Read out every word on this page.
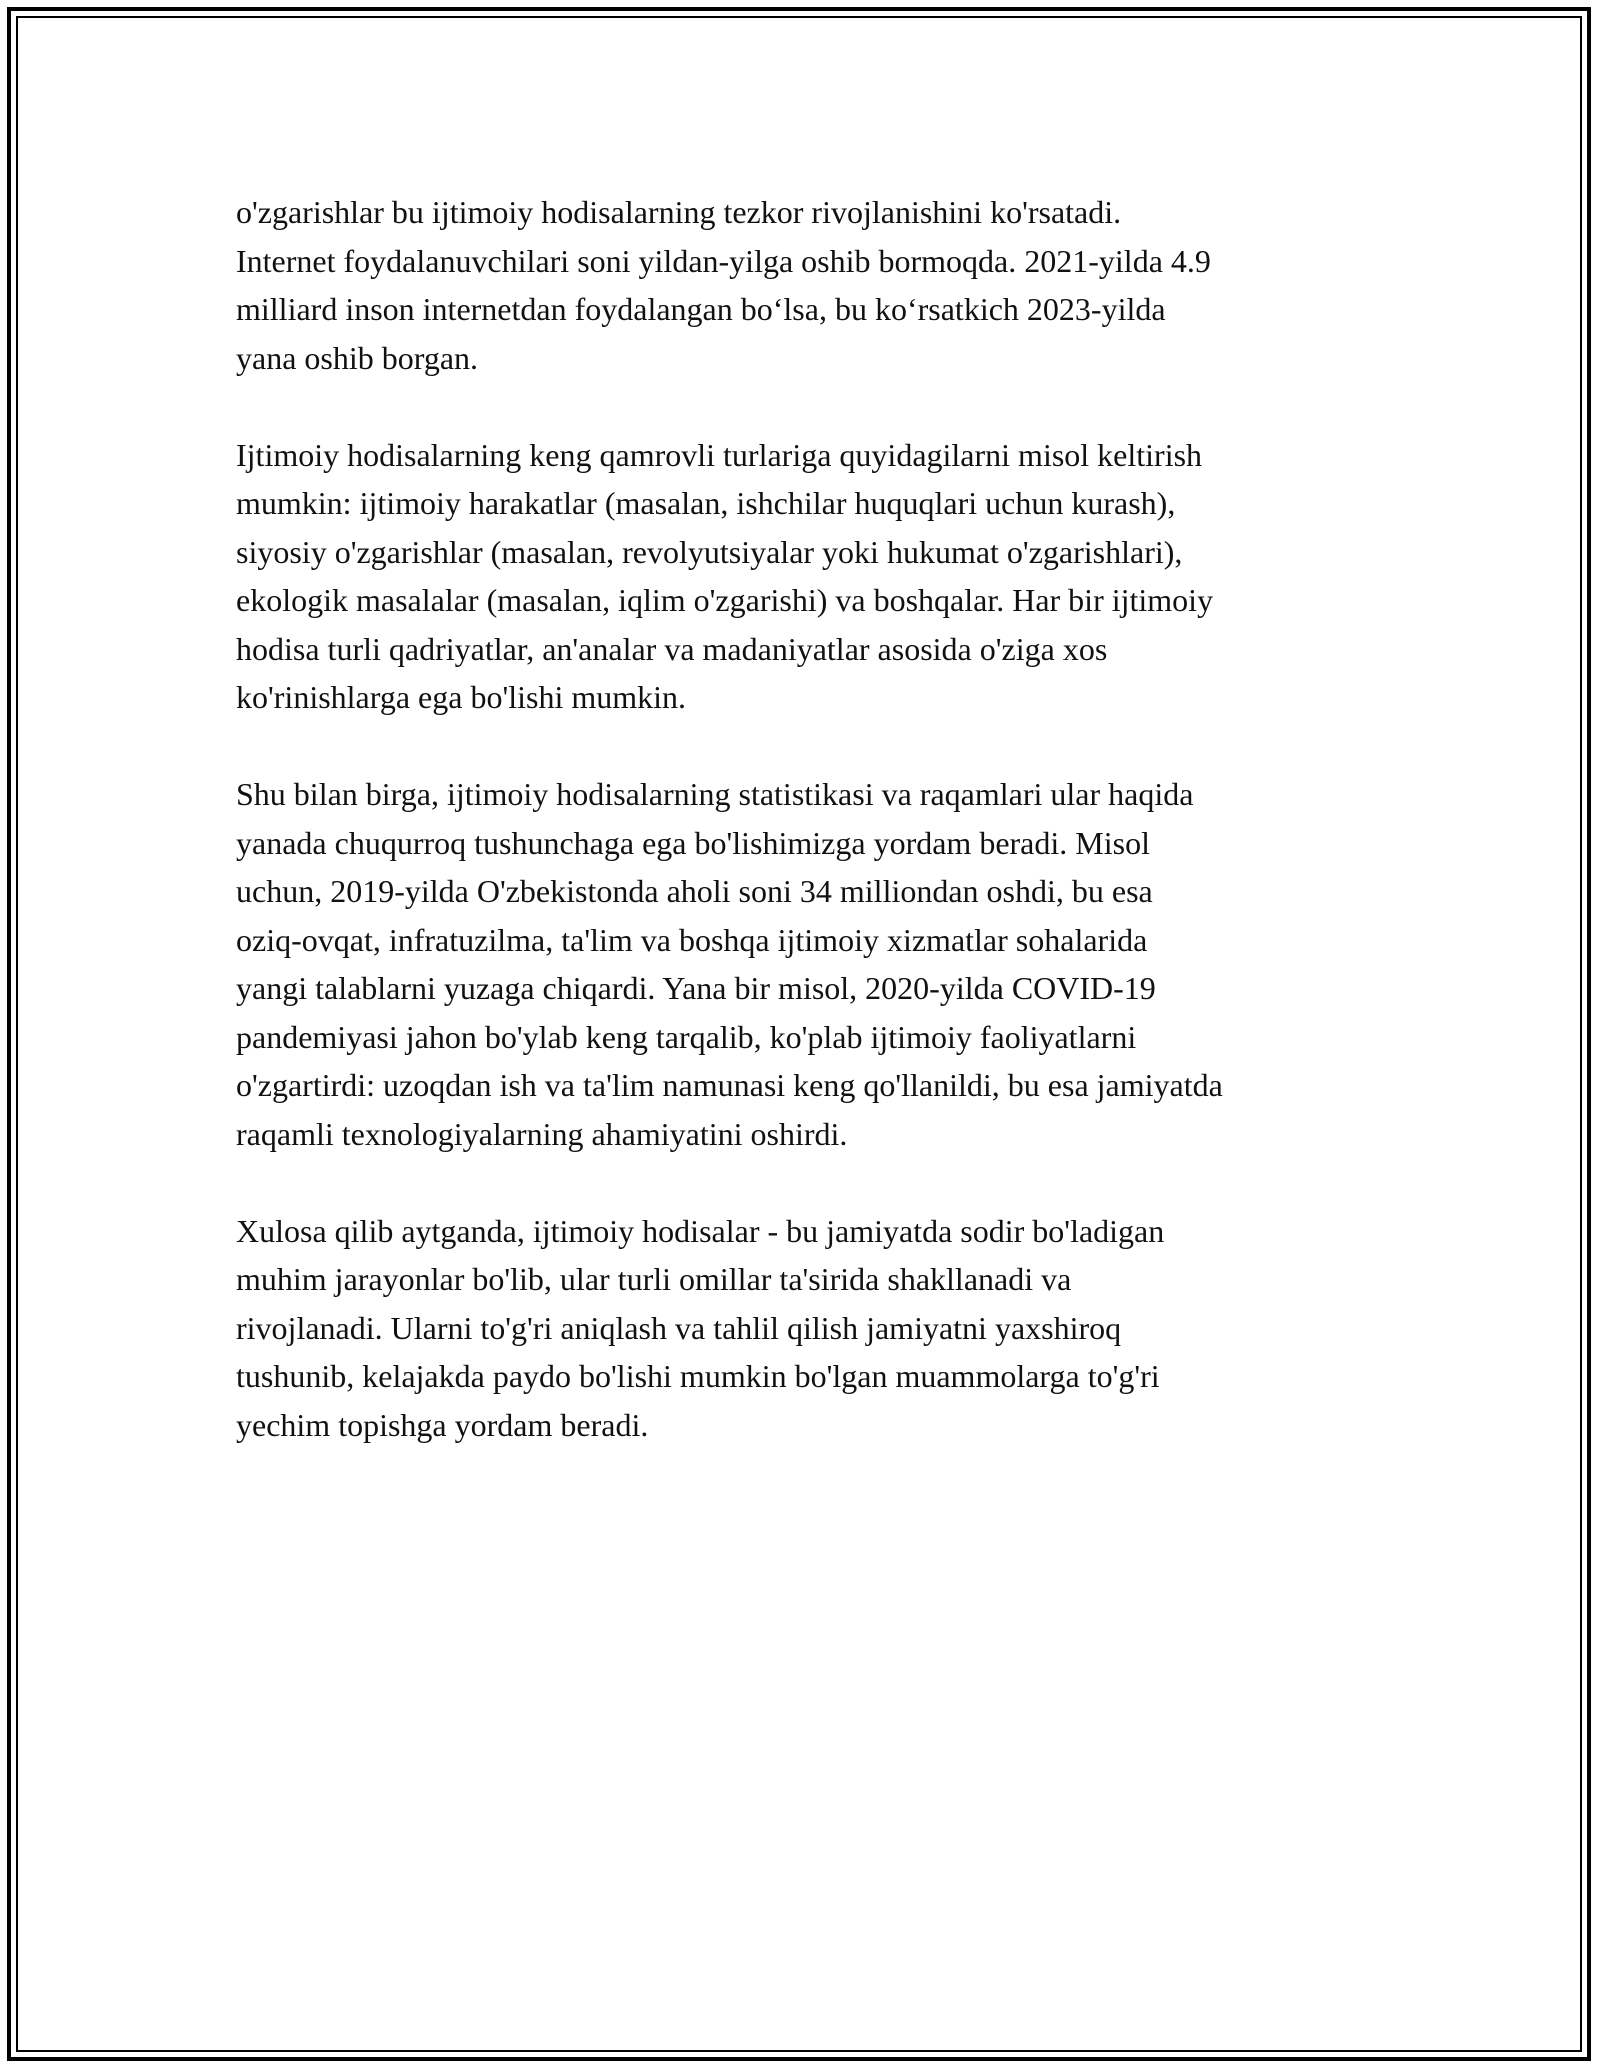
o'zgarishlar bu ijtimoiy hodisalarning tezkor rivojlanishini ko'rsatadi.
Internet foydalanuvchilari soni yildan-yilga oshib bormoqda. 2021-yilda 4.9
milliard inson internetdan foydalangan boʻlsa, bu koʻrsatkich 2023-yilda
yana oshib borgan.

Ijtimoiy hodisalarning keng qamrovli turlariga quyidagilarni misol keltirish
mumkin: ijtimoiy harakatlar (masalan, ishchilar huquqlari uchun kurash),
siyosiy o'zgarishlar (masalan, revolyutsiyalar yoki hukumat o'zgarishlari),
ekologik masalalar (masalan, iqlim o'zgarishi) va boshqalar. Har bir ijtimoiy
hodisa turli qadriyatlar, an'analar va madaniyatlar asosida o'ziga xos
ko'rinishlarga ega bo'lishi mumkin.

Shu bilan birga, ijtimoiy hodisalarning statistikasi va raqamlari ular haqida
yanada chuqurroq tushunchaga ega bo'lishimizga yordam beradi. Misol
uchun, 2019-yilda O'zbekistonda aholi soni 34 milliondan oshdi, bu esa
oziq-ovqat, infratuzilma, ta'lim va boshqa ijtimoiy xizmatlar sohalarida
yangi talablarni yuzaga chiqardi. Yana bir misol, 2020-yilda COVID-19
pandemiyasi jahon bo'ylab keng tarqalib, ko'plab ijtimoiy faoliyatlarni
o'zgartirdi: uzoqdan ish va ta'lim namunasi keng qo'llanildi, bu esa jamiyatda
raqamli texnologiyalarning ahamiyatini oshirdi.

Xulosa qilib aytganda, ijtimoiy hodisalar - bu jamiyatda sodir bo'ladigan
muhim jarayonlar bo'lib, ular turli omillar ta'sirida shakllanadi va
rivojlanadi. Ularni to'g'ri aniqlash va tahlil qilish jamiyatni yaxshiroq
tushunib, kelajakda paydo bo'lishi mumkin bo'lgan muammolarga to'g'ri
yechim topishga yordam beradi.
